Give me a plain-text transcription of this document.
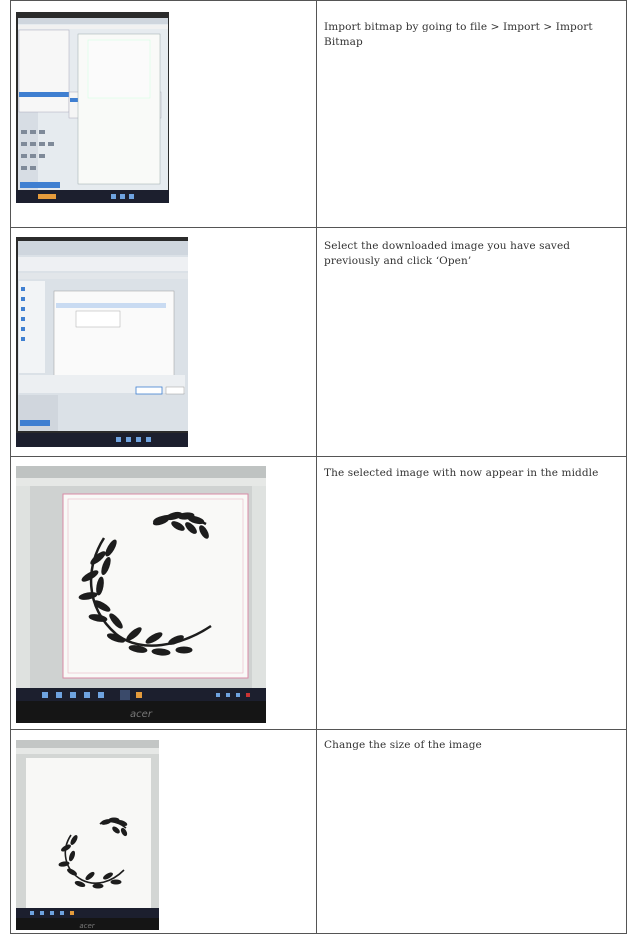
Import bitmap by going to file > Import > Import Bitmap
Select the downloaded image you have saved previously and click ‘Open’
acer
The selected image with now appear in the middle
acer
Change the size of the image
